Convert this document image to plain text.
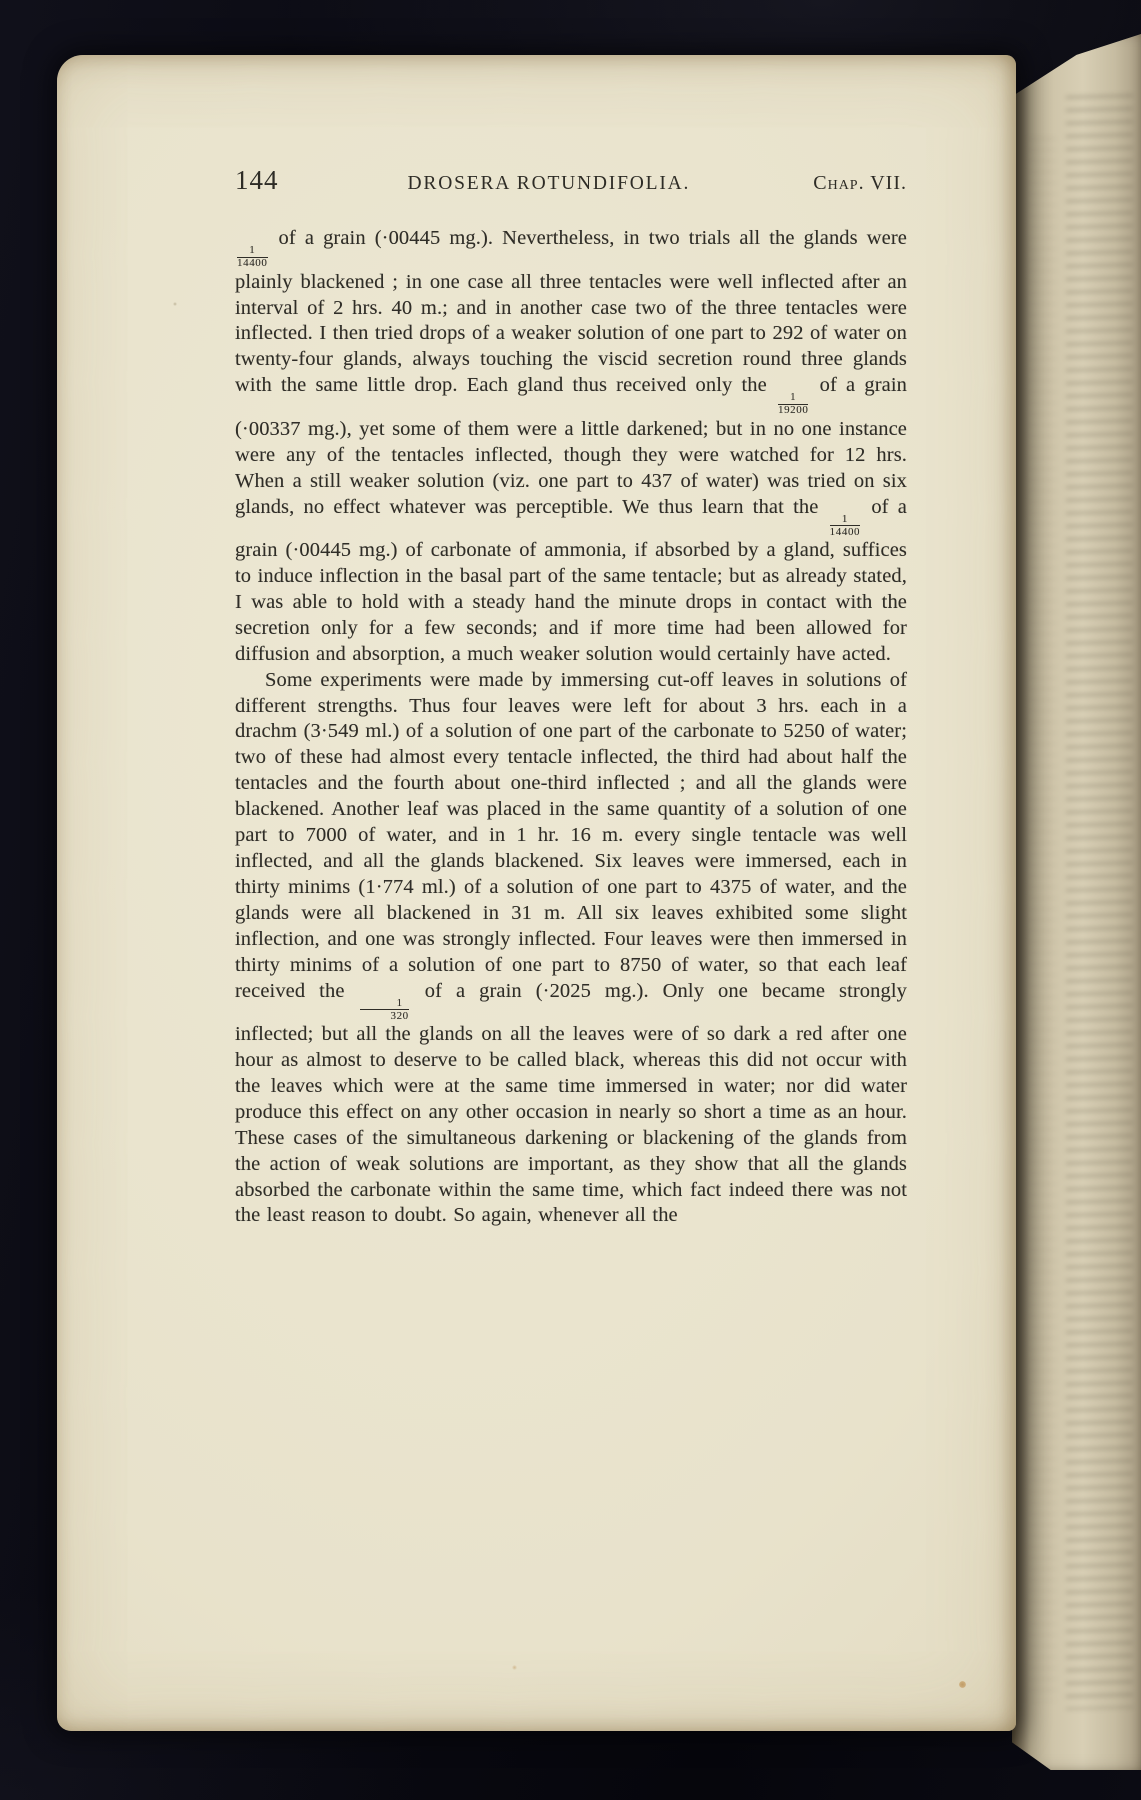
144	DROSERA ROTUNDIFOLIA.	Chap. VII.

$\frac{1}{14400}$
of a grain (·00445 mg.). Nevertheless, in two trials all the glands were plainly blackened ; in one case all three tentacles were well inflected after an interval of 2 hrs. 40 m.; and in another case two of the three tentacles were inflected. I then tried drops of a weaker solution of one part to 292 of water on twenty-four glands, always touching the viscid secretion round three glands with the same little drop. Each gland thus received only the
$\frac{1}{19200}$
of a grain (·00337 mg.), yet some of them were a little darkened; but in no one instance were any of the tentacles inflected, though they were watched for 12 hrs. When a still weaker solution (viz. one part to 437 of water) was tried on six glands, no effect whatever was perceptible. We thus learn that the
$\frac{1}{14400}$
of a grain (·00445 mg.) of carbonate of ammonia, if absorbed by a gland, suffices to induce inflection in the basal part of the same tentacle; but as already stated, I was able to hold with a steady hand the minute drops in contact with the secretion only for a few seconds; and if more time had been allowed for diffusion and absorption, a much weaker solution would certainly have acted.

Some experiments were made by immersing cut-off leaves in solutions of different strengths. Thus four leaves were left for about 3 hrs. each in a drachm (3·549 ml.) of a solution of one part of the carbonate to 5250 of water; two of these had almost every tentacle inflected, the third had about half the tentacles and the fourth about one-third inflected ; and all the glands were blackened. Another leaf was placed in the same quantity of a solution of one part to 7000 of water, and in 1 hr. 16 m. every single tentacle was well inflected, and all the glands blackened. Six leaves were immersed, each in thirty minims (1·774 ml.) of a solution of one part to 4375 of water, and the glands were all blackened in 31 m. All six leaves exhibited some slight inflection, and one was strongly inflected. Four leaves were then immersed in thirty minims of a solution of one part to 8750 of water, so that each leaf received the
$\frac{1}{320}$
of a grain (·2025 mg.). Only one became strongly inflected; but all the glands on all the leaves were of so dark a red after one hour as almost to deserve to be called black, whereas this did not occur with the leaves which were at the same time immersed in water; nor did water produce this effect on any other occasion in nearly so short a time as an hour. These cases of the simultaneous darkening or blackening of the glands from the action of weak solutions are important, as they show that all the glands absorbed the carbonate within the same time, which fact indeed there was not the least reason to doubt. So again, whenever all the
